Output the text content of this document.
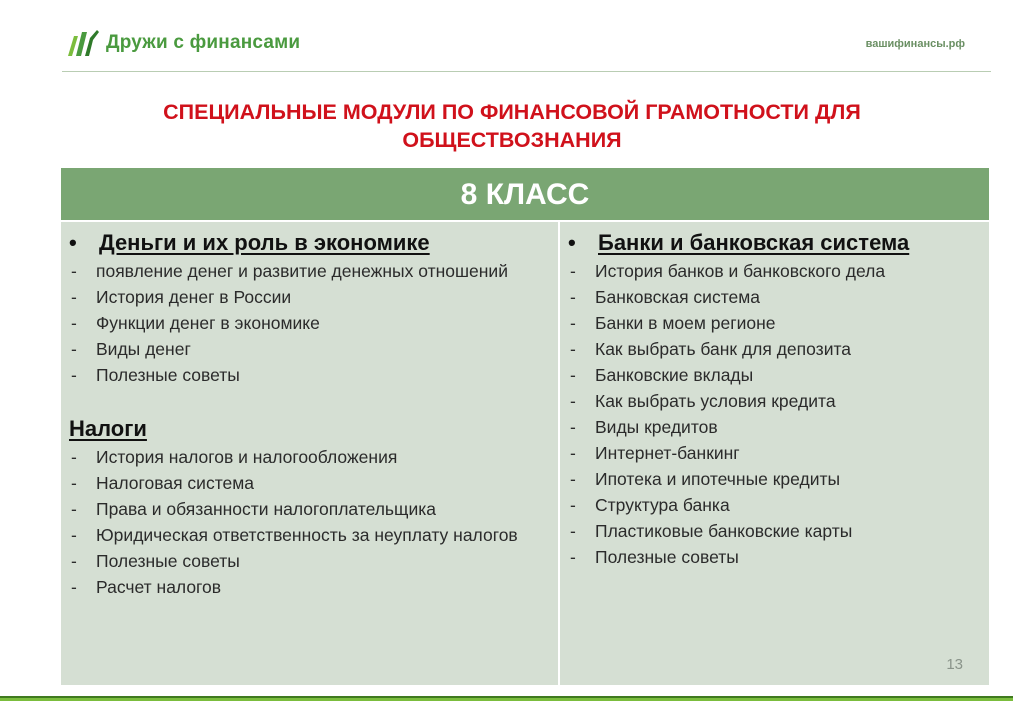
Дружи с финансами	вашифинансы.рф
СПЕЦИАЛЬНЫЕ МОДУЛИ ПО ФИНАНСОВОЙ ГРАМОТНОСТИ ДЛЯ
ОБЩЕСТВОЗНАНИЯ
8 КЛАСС
•	Деньги и их роль в экономике
- появление денег и развитие денежных отношений
- История денег в России
- Функции денег в экономике
- Виды денег
- Полезные советы
Налоги
- История налогов и налогообложения
- Налоговая система
- Права и обязанности налогоплательщика
- Юридическая ответственность за неуплату налогов
- Полезные советы
- Расчет налогов
•	Банки и банковская система
- История банков и банковского дела
- Банковская система
- Банки в моем регионе
- Как выбрать банк для депозита
- Банковские вклады
- Как выбрать условия кредита
- Виды кредитов
- Интернет-банкинг
- Ипотека и ипотечные кредиты
- Структура банка
- Пластиковые банковские карты
- Полезные советы
13
